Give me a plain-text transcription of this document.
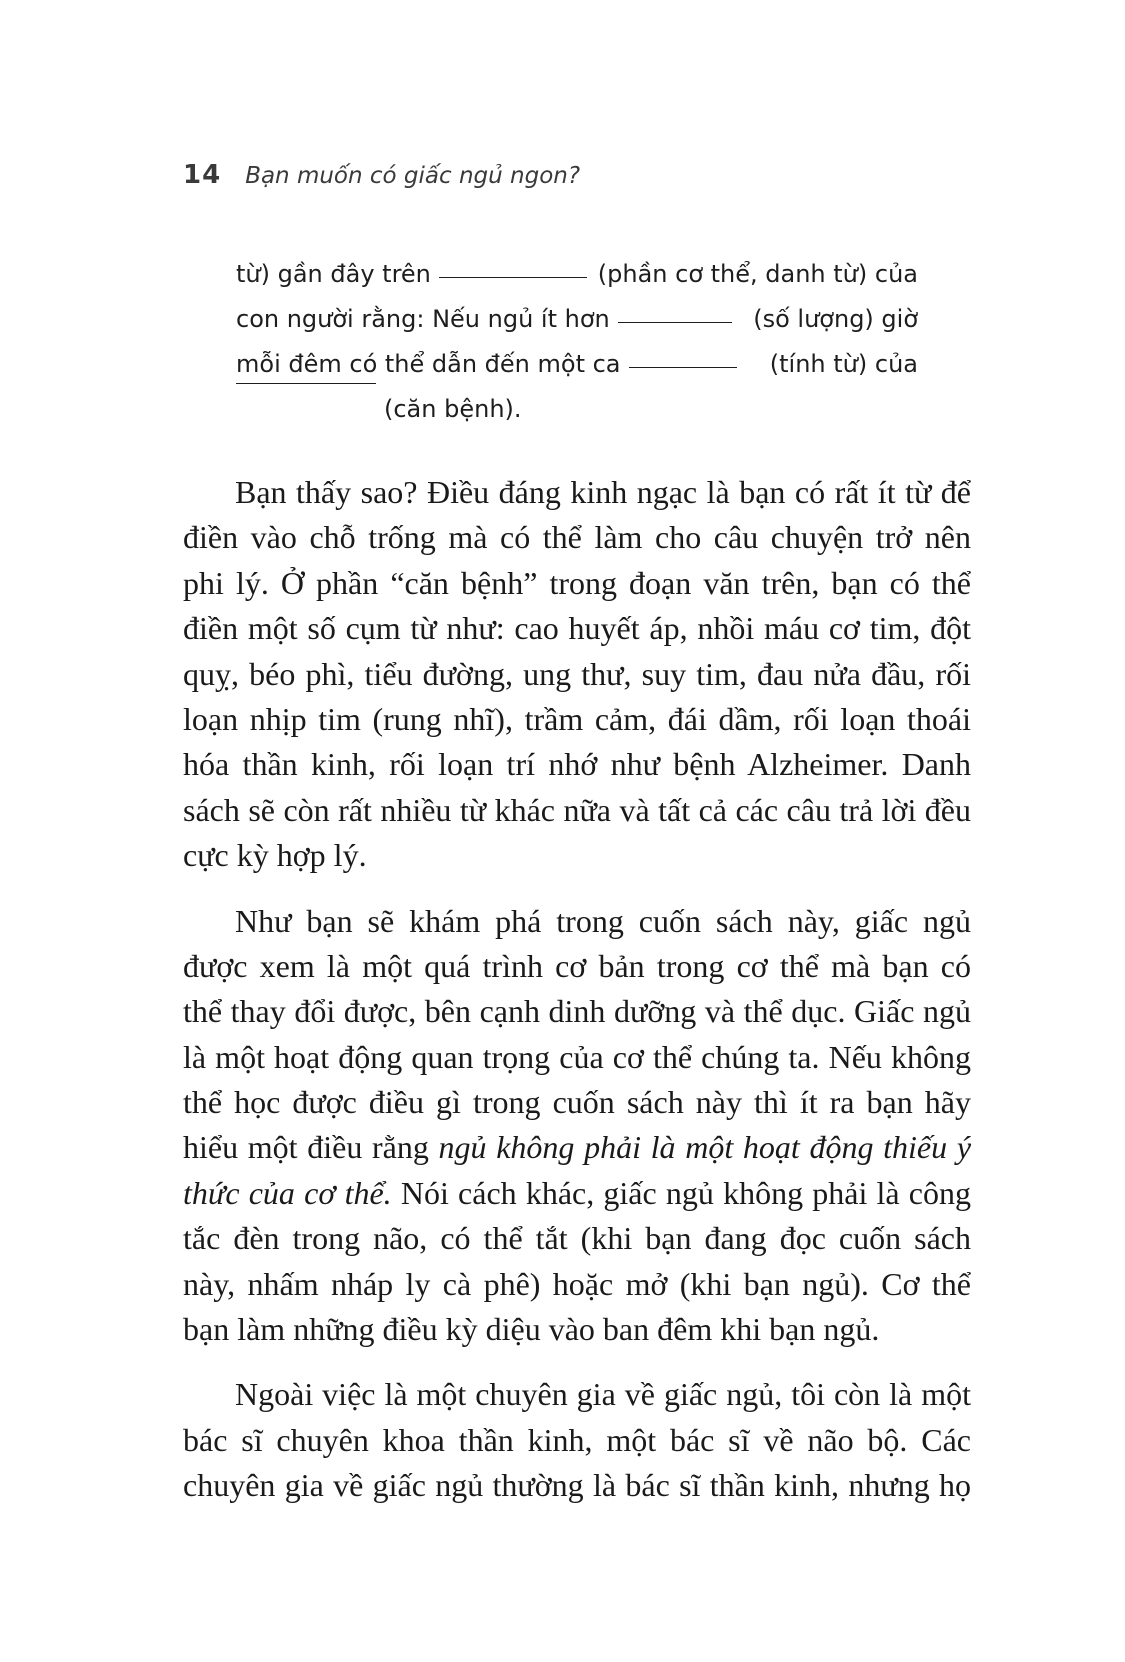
14 Bạn muốn có giấc ngủ ngon?
từ) gần đây trên	(phần cơ thể, danh từ) của
con người rằng: Nếu ngủ ít hơn	(số lượng) giờ
mỗi đêm có thể dẫn đến một ca	(tính từ) của
(căn bệnh).
Bạn thấy sao? Điều đáng kinh ngạc là bạn có rất ít từ để
điền vào chỗ trống mà có thể làm cho câu chuyện trở nên
phi lý. Ở phần “căn bệnh” trong đoạn văn trên, bạn có thể
điền một số cụm từ như: cao huyết áp, nhồi máu cơ tim, đột
quỵ, béo phì, tiểu đường, ung thư, suy tim, đau nửa đầu, rối
loạn nhịp tim (rung nhĩ), trầm cảm, đái dầm, rối loạn thoái
hóa thần kinh, rối loạn trí nhớ như bệnh Alzheimer. Danh
sách sẽ còn rất nhiều từ khác nữa và tất cả các câu trả lời đều
cực kỳ hợp lý.
Như bạn sẽ khám phá trong cuốn sách này, giấc ngủ
được xem là một quá trình cơ bản trong cơ thể mà bạn có
thể thay đổi được, bên cạnh dinh dưỡng và thể dục. Giấc ngủ
là một hoạt động quan trọng của cơ thể chúng ta. Nếu không
thể học được điều gì trong cuốn sách này thì ít ra bạn hãy
hiểu một điều rằng ngủ không phải là một hoạt động thiếu ý
thức của cơ thể. Nói cách khác, giấc ngủ không phải là công
tắc đèn trong não, có thể tắt (khi bạn đang đọc cuốn sách
này, nhấm nháp ly cà phê) hoặc mở (khi bạn ngủ). Cơ thể
bạn làm những điều kỳ diệu vào ban đêm khi bạn ngủ.
Ngoài việc là một chuyên gia về giấc ngủ, tôi còn là một
bác sĩ chuyên khoa thần kinh, một bác sĩ về não bộ. Các
chuyên gia về giấc ngủ thường là bác sĩ thần kinh, nhưng họ
